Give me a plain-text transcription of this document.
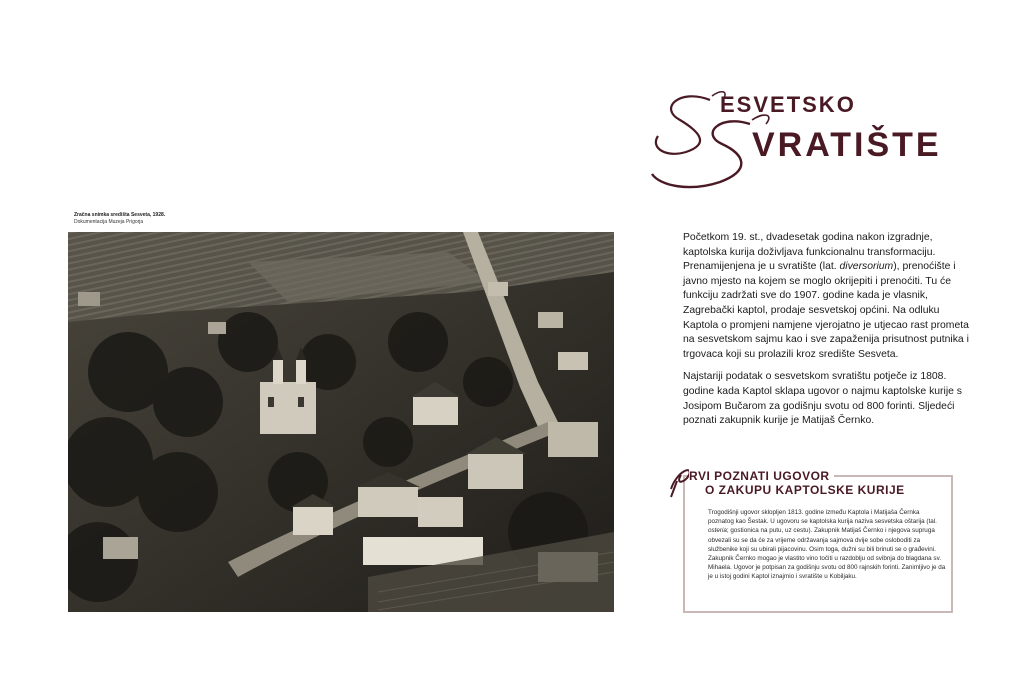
ESVETSKO
VRATIŠTE
Zračna snimka središta Sesveta, 1928.
Dokumentacija Muzeja Prigorja

Početkom 19. st., dvadesetak godina nakon izgradnje, kaptolska kurija doživljava funkcionalnu transformaciju. Prenamijenjena je u svratište (lat. diversorium), prenoćište i javno mjesto na kojem se moglo okrijepiti i prenoćiti. Tu će funkciju zadržati sve do 1907. godine kada je vlasnik, Zagrebački kaptol, prodaje sesvetskoj općini. Na odluku Kaptola o promjeni namjene vjerojatno je utjecao rast prometa na sesvetskom sajmu kao i sve zapaženija prisutnost putnika i trgovaca koji su prolazili kroz središte Sesveta.

Najstariji podatak o sesvetskom svratištu potječe iz 1808. godine kada Kaptol sklapa ugovor o najmu kaptolske kurije s Josipom Bučarom za godišnju svotu od 800 forinti. Sljedeći poznati zakupnik kurije je Matijaš Černko.

RVI POZNATI UGOVOR
O ZAKUPU KAPTOLSKE KURIJE
Trogodišnji ugovor sklopljen 1813. godine između Kaptola i Matijaša Černka poznatog kao Šestak. U ugovoru se kaptolska kurija naziva sesvetska oštarija (tal. osteria; gostionica na putu, uz cestu). Zakupnik Matijaš Černko i njegova supruga obvezali su se da će za vrijeme održavanja sajmova dvije sobe osloboditi za službenike koji su ubirali pijacovinu. Osim toga, dužni su bili brinuti se o građevini. Zakupnik Černko mogao je vlastito vino točiti u razdoblju od svibnja do blagdana sv. Mihaela. Ugovor je potpisan za godišnju svotu od 800 rajnskih forinti. Zanimljivo je da je u istoj godini Kaptol iznajmio i svratište u Kobiljaku.
